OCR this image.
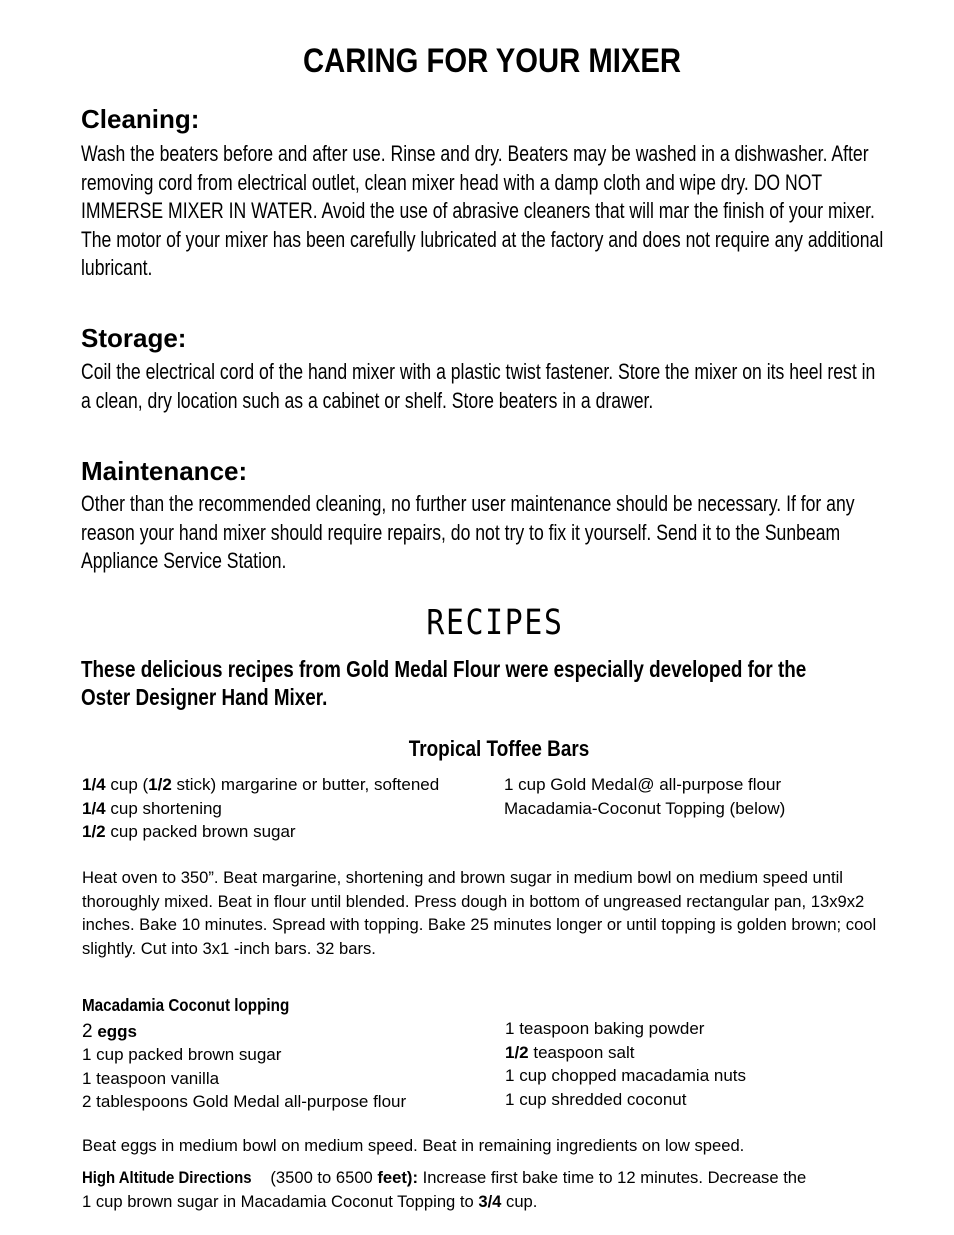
CARING FOR YOUR MIXER
Cleaning:
Wash the beaters before and after use. Rinse and dry. Beaters may be washed in a dishwasher. After
removing cord from electrical outlet, clean mixer head with a damp cloth and wipe dry. DO NOT
IMMERSE MIXER IN WATER. Avoid the use of abrasive cleaners that will mar the finish of your mixer.
The motor of your mixer has been carefully lubricated at the factory and does not require any additional
lubricant.
Storage:
Coil the electrical cord of the hand mixer with a plastic twist fastener. Store the mixer on its heel rest in
a clean, dry location such as a cabinet or shelf. Store beaters in a drawer.
Maintenance:
Other than the recommended cleaning, no further user maintenance should be necessary. If for any
reason your hand mixer should require repairs, do not try to fix it yourself. Send it to the Sunbeam
Appliance Service Station.
RECIPES
These delicious recipes from Gold Medal Flour were especially developed for the
Oster Designer Hand Mixer.
Tropical Toffee Bars
1/4 cup (1/2 stick) margarine or butter, softened
1/4 cup shortening
1/2 cup packed brown sugar
1 cup Gold Medal@ all-purpose flour
Macadamia-Coconut Topping (below)
Heat oven to 350”. Beat margarine, shortening and brown sugar in medium bowl on medium speed until thoroughly mixed. Beat in flour until blended. Press dough in bottom of ungreased rectangular pan, 13x9x2 inches. Bake 10 minutes. Spread with topping. Bake 25 minutes longer or until topping is golden brown; cool slightly. Cut into 3x1 -inch bars. 32 bars.
Macadamia Coconut lopping
2 eggs
1 cup packed brown sugar
1 teaspoon vanilla
2 tablespoons Gold Medal all-purpose flour
1 teaspoon baking powder
1/2 teaspoon salt
1 cup chopped macadamia nuts
1 cup shredded coconut
Beat eggs in medium bowl on medium speed. Beat in remaining ingredients on low speed.
High Altitude Directions (3500 to 6500 feet): Increase first bake time to 12 minutes. Decrease the
1 cup brown sugar in Macadamia Coconut Topping to 3/4 cup.
